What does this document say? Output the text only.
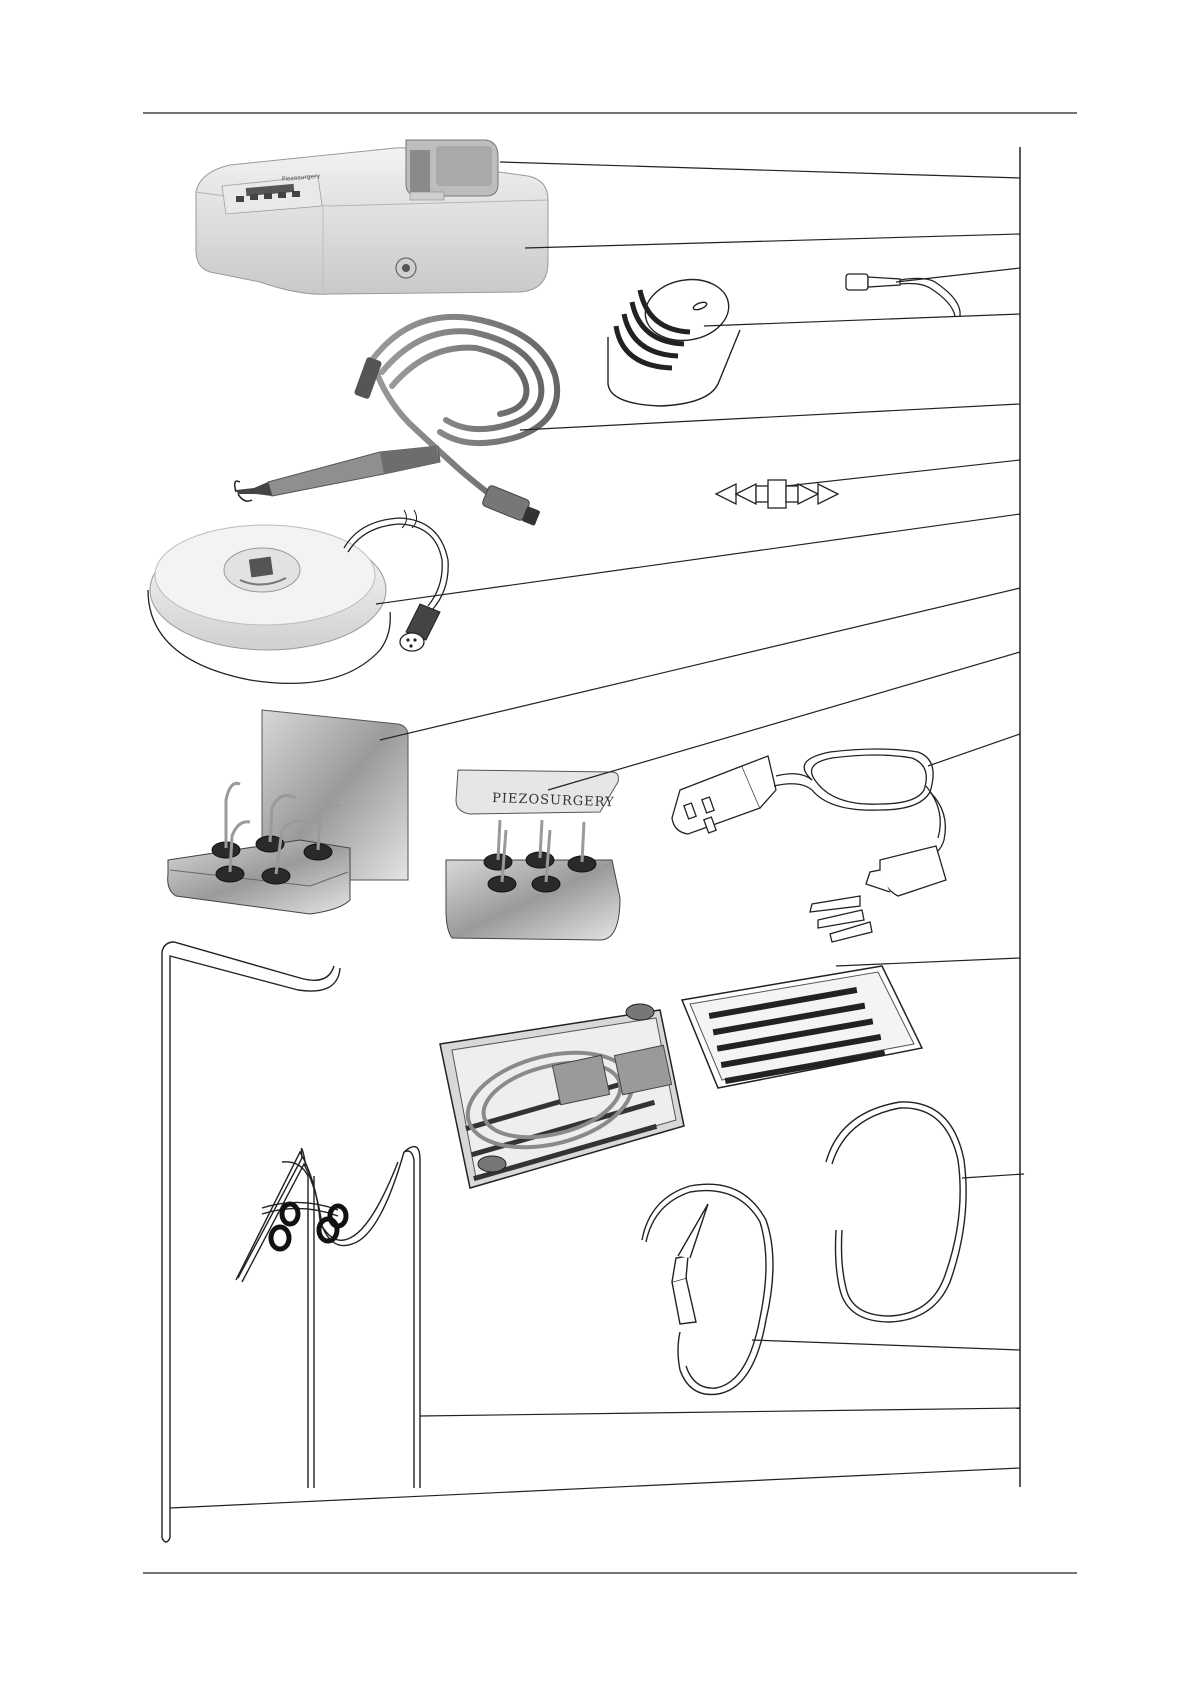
Piezosurgery
PIEZOSURGERY
